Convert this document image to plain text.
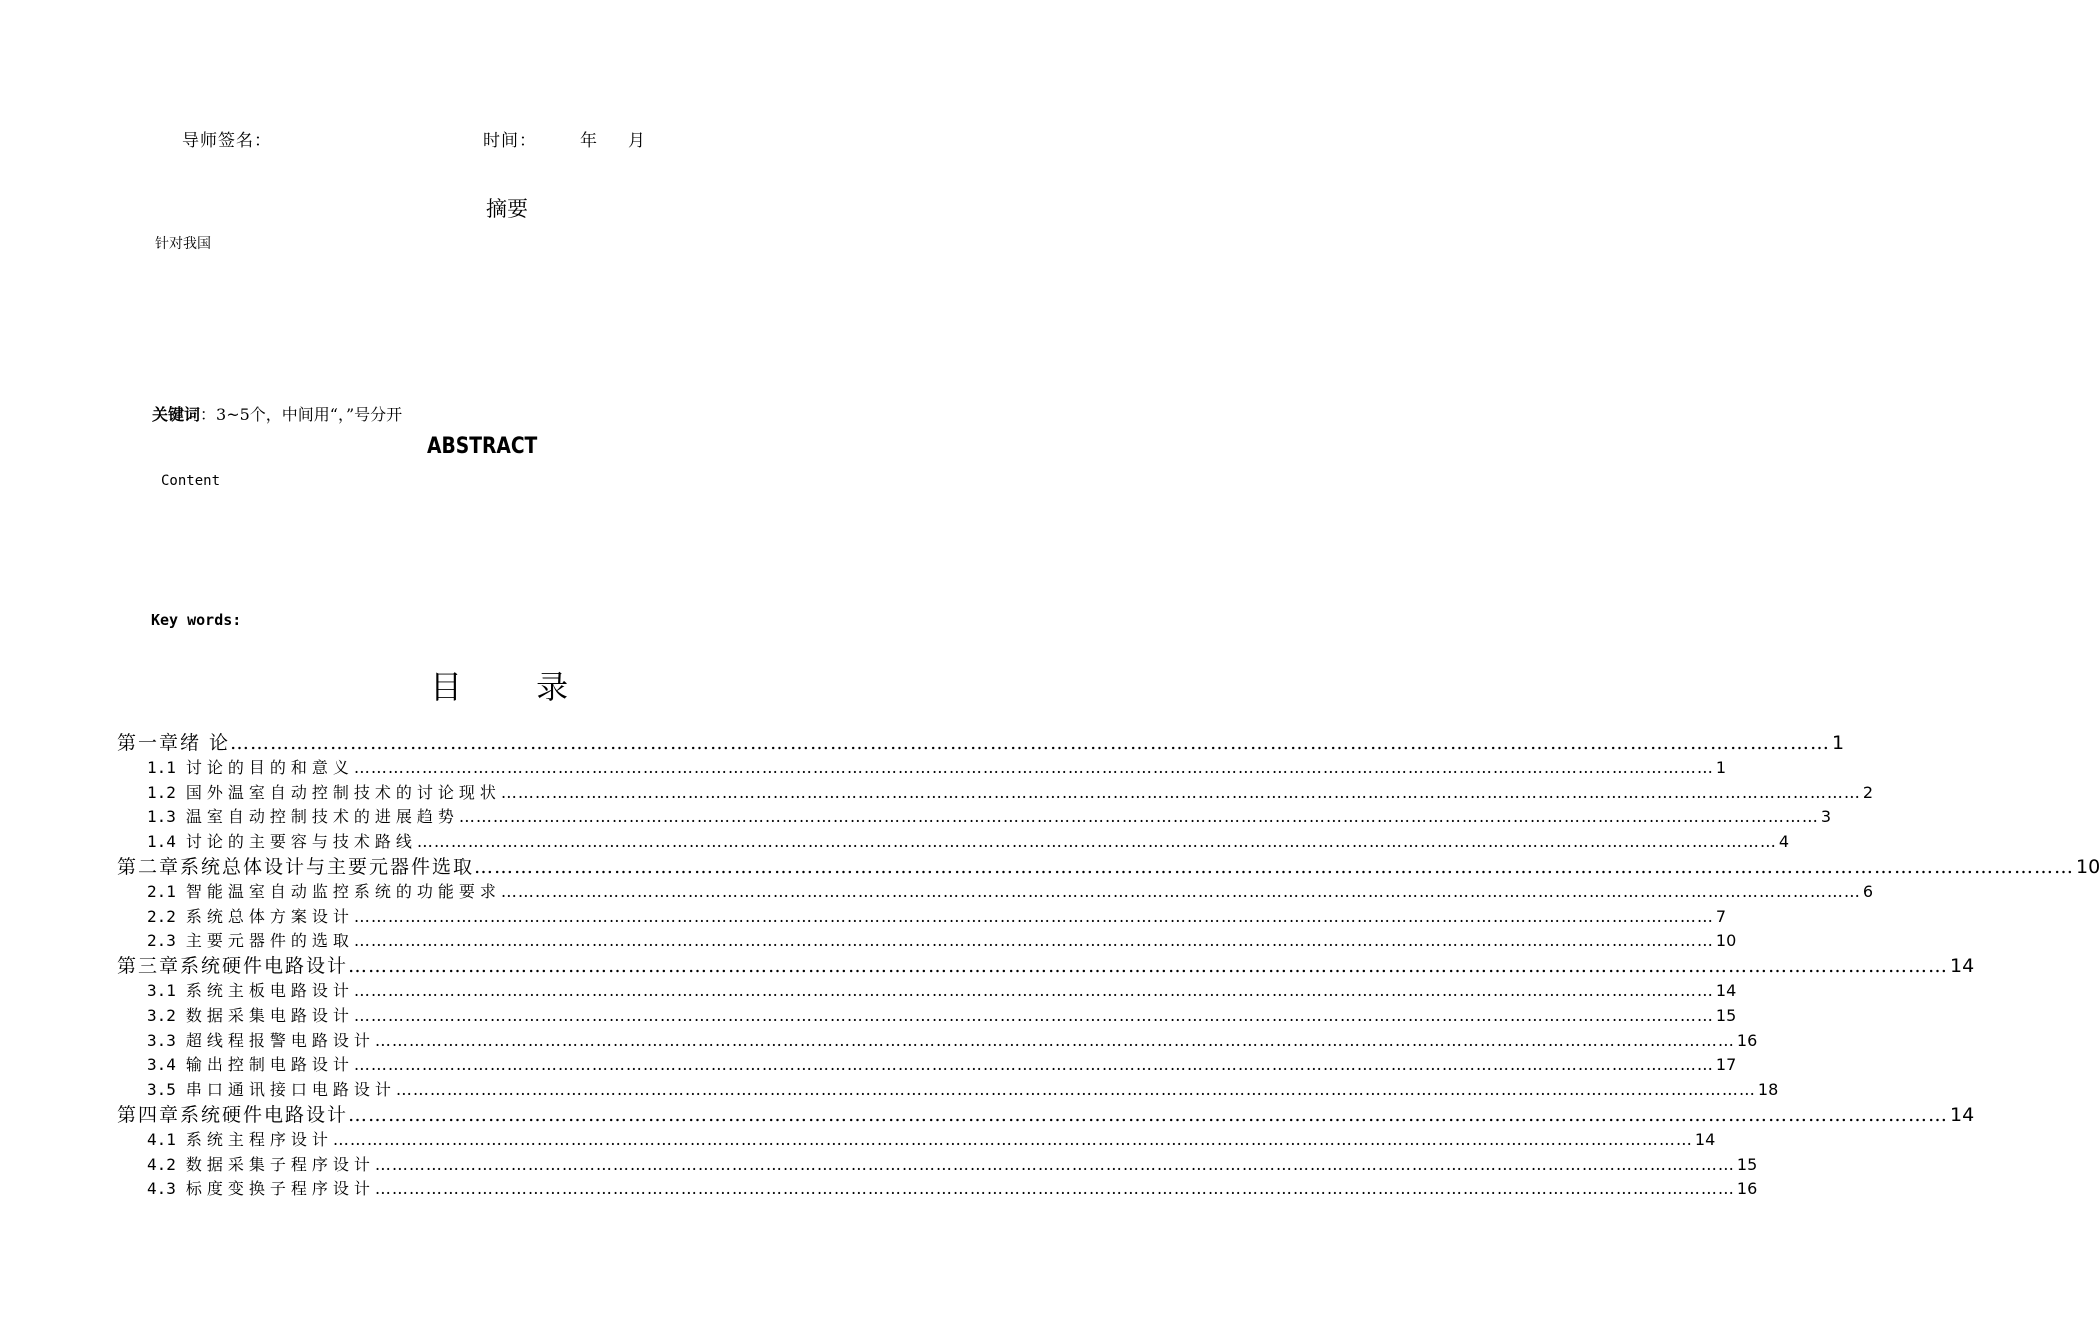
导师签名：	时间：	年 月
摘要
针对我国
关键词：3~5个，中间用“，”号分开
ABSTRACT
Content
Key words:
目 录
第一章绪 论 …………………………………………………………………………………………………………………………………………………………………………………………………………………… 1
1.1 讨论的目的和意义 …………………………………………………………………………………………………………………………………………………………………………………………………………………… 1
1.2 国外温室自动控制技术的讨论现状 …………………………………………………………………………………………………………………………………………………………………………………………………………………… 2
1.3 温室自动控制技术的进展趋势 …………………………………………………………………………………………………………………………………………………………………………………………………………………… 3
1.4 讨论的主要容与技术路线 …………………………………………………………………………………………………………………………………………………………………………………………………………………… 4
第二章系统总体设计与主要元器件选取 …………………………………………………………………………………………………………………………………………………………………………………………………………………… 10
2.1 智能温室自动监控系统的功能要求 …………………………………………………………………………………………………………………………………………………………………………………………………………………… 6
2.2 系统总体方案设计 …………………………………………………………………………………………………………………………………………………………………………………………………………………… 7
2.3 主要元器件的选取 …………………………………………………………………………………………………………………………………………………………………………………………………………………… 10
第三章系统硬件电路设计 …………………………………………………………………………………………………………………………………………………………………………………………………………………… 14
3.1 系统主板电路设计 …………………………………………………………………………………………………………………………………………………………………………………………………………………… 14
3.2 数据采集电路设计 …………………………………………………………………………………………………………………………………………………………………………………………………………………… 15
3.3 超线程报警电路设计 …………………………………………………………………………………………………………………………………………………………………………………………………………………… 16
3.4 输出控制电路设计 …………………………………………………………………………………………………………………………………………………………………………………………………………………… 17
3.5 串口通讯接口电路设计 …………………………………………………………………………………………………………………………………………………………………………………………………………………… 18
第四章系统硬件电路设计 …………………………………………………………………………………………………………………………………………………………………………………………………………………… 14
4.1 系统主程序设计 …………………………………………………………………………………………………………………………………………………………………………………………………………………… 14
4.2 数据采集子程序设计 …………………………………………………………………………………………………………………………………………………………………………………………………………………… 15
4.3 标度变换子程序设计 …………………………………………………………………………………………………………………………………………………………………………………………………………………… 16
